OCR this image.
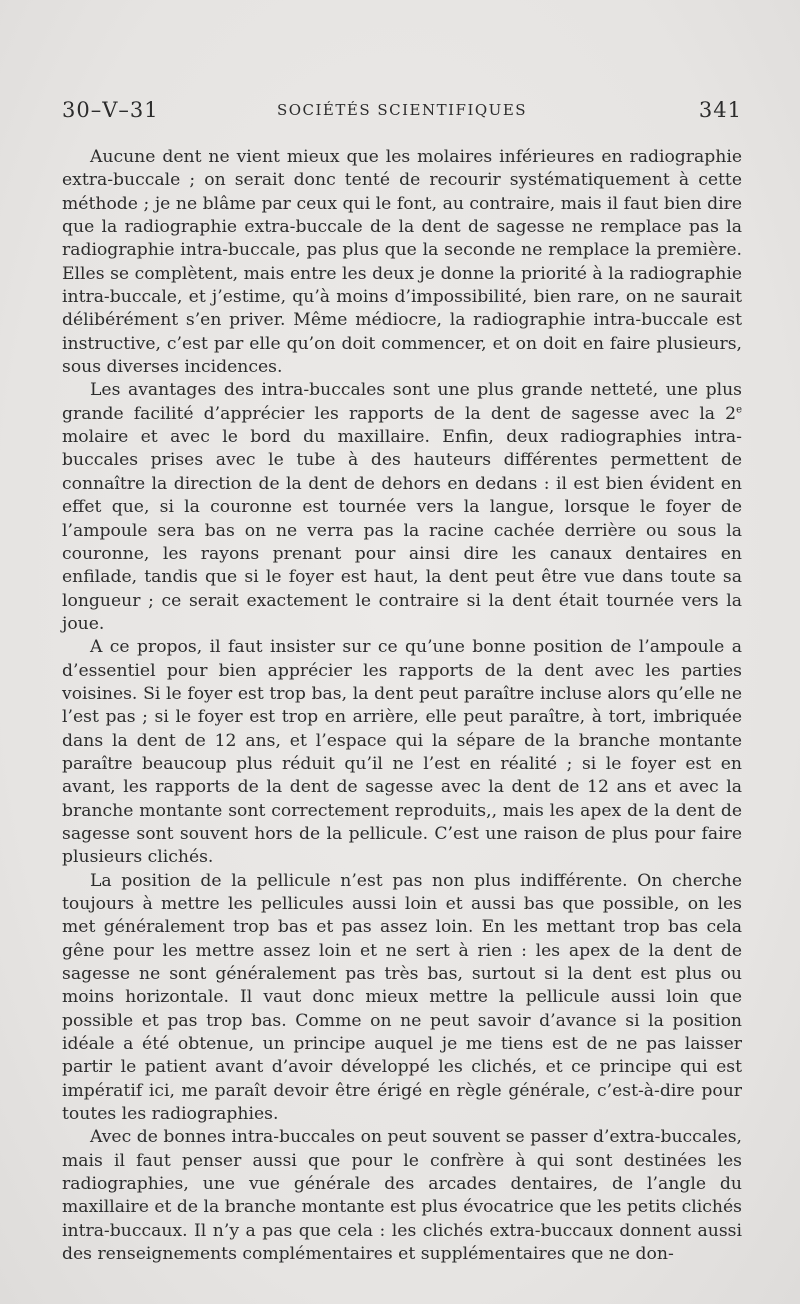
30–V–31	SOCIÉTÉS SCIENTIFIQUES	341

Aucune dent ne vient mieux que les molaires inférieures en radiographie extra-buccale ; on serait donc tenté de recourir systématiquement à cette méthode ; je ne blâme par ceux qui le font, au contraire, mais il faut bien dire que la radiographie extra-buccale de la dent de sagesse ne remplace pas la radiographie intra-buccale, pas plus que la seconde ne remplace la première. Elles se complètent, mais entre les deux je donne la priorité à la radiographie intra-buccale, et j’estime, qu’à moins d’impossibilité, bien rare, on ne saurait délibérément s’en priver. Même médiocre, la radiographie intra-buccale est instructive, c’est par elle qu’on doit commencer, et on doit en faire plusieurs, sous diverses incidences.

Les avantages des intra-buccales sont une plus grande netteté, une plus grande facilité d’apprécier les rapports de la dent de sagesse avec la 2e molaire et avec le bord du maxillaire. Enfin, deux radiographies intra-buccales prises avec le tube à des hauteurs différentes permettent de connaître la direction de la dent de dehors en dedans : il est bien évident en effet que, si la couronne est tournée vers la langue, lorsque le foyer de l’ampoule sera bas on ne verra pas la racine cachée derrière ou sous la couronne, les rayons prenant pour ainsi dire les canaux dentaires en enfilade, tandis que si le foyer est haut, la dent peut être vue dans toute sa longueur ; ce serait exactement le contraire si la dent était tournée vers la joue.

A ce propos, il faut insister sur ce qu’une bonne position de l’ampoule a d’essentiel pour bien apprécier les rapports de la dent avec les parties voisines. Si le foyer est trop bas, la dent peut paraître incluse alors qu’elle ne l’est pas ; si le foyer est trop en arrière, elle peut paraître, à tort, imbriquée dans la dent de 12 ans, et l’espace qui la sépare de la branche montante paraître beaucoup plus réduit qu’il ne l’est en réalité ; si le foyer est en avant, les rapports de la dent de sagesse avec la dent de 12 ans et avec la branche montante sont correctement reproduits,, mais les apex de la dent de sagesse sont souvent hors de la pellicule. C’est une raison de plus pour faire plusieurs clichés.

La position de la pellicule n’est pas non plus indifférente. On cherche toujours à mettre les pellicules aussi loin et aussi bas que possible, on les met généralement trop bas et pas assez loin. En les mettant trop bas cela gêne pour les mettre assez loin et ne sert à rien : les apex de la dent de sagesse ne sont généralement pas très bas, surtout si la dent est plus ou moins horizontale. Il vaut donc mieux mettre la pellicule aussi loin que possible et pas trop bas. Comme on ne peut savoir d’avance si la position idéale a été obtenue, un principe auquel je me tiens est de ne pas laisser partir le patient avant d’avoir développé les clichés, et ce principe qui est impératif ici, me paraît devoir être érigé en règle générale, c’est-à-dire pour toutes les radiographies.

Avec de bonnes intra-buccales on peut souvent se passer d’extra-buccales, mais il faut penser aussi que pour le confrère à qui sont destinées les radiographies, une vue générale des arcades dentaires, de l’angle du maxillaire et de la branche montante est plus évocatrice que les petits clichés intra-buccaux. Il n’y a pas que cela : les clichés extra-buccaux donnent aussi des renseignements complémentaires et supplémentaires que ne don-
